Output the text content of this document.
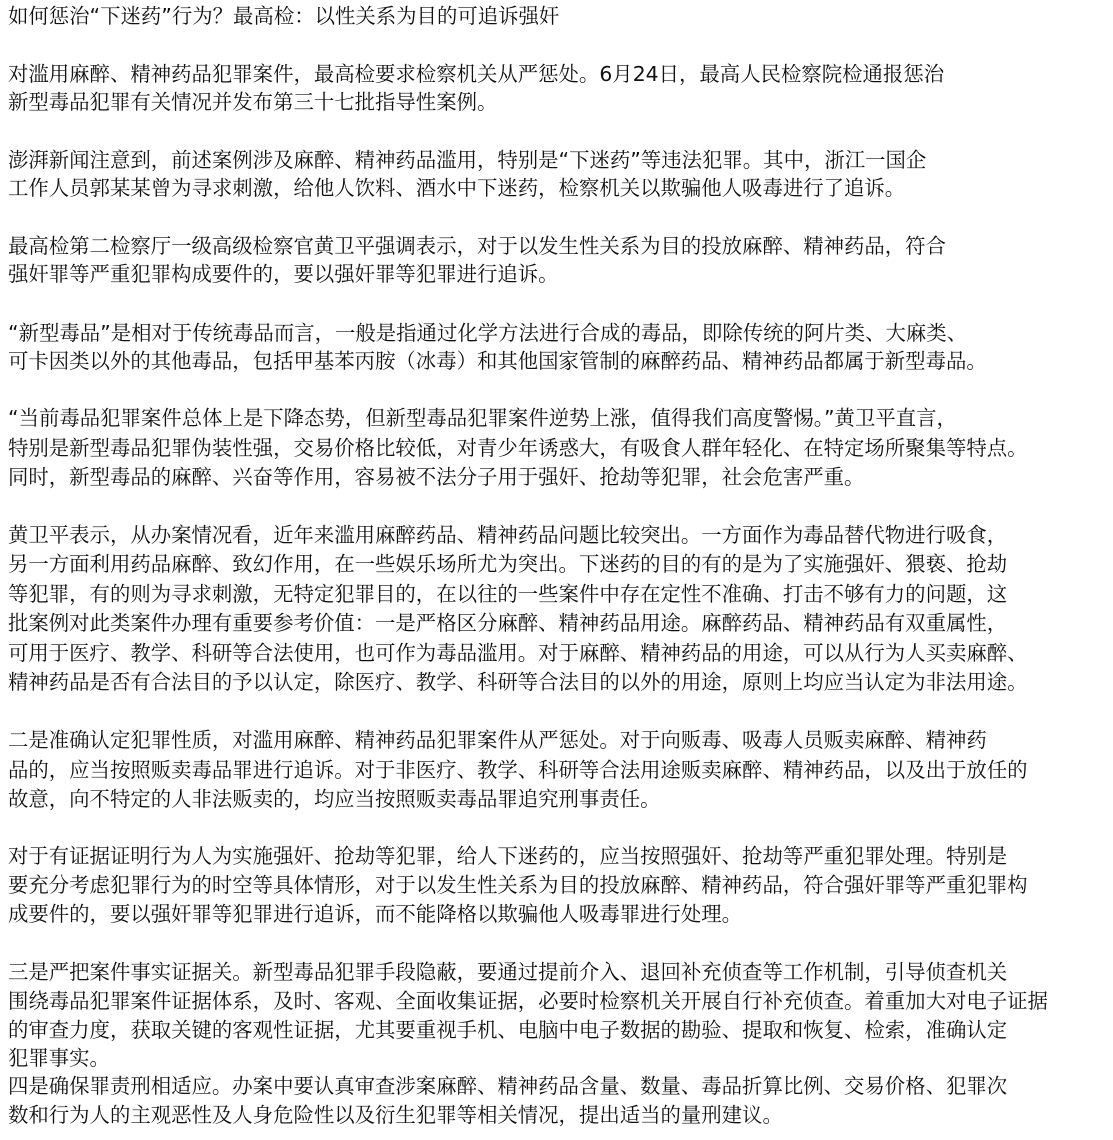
如何惩治“下迷药”行为？最高检：以性关系为目的可追诉强奸
对滥用麻醉、精神药品犯罪案件，最高检要求检察机关从严惩处。6月24日，最高人民检察院检通报惩治
新型毒品犯罪有关情况并发布第三十七批指导性案例。
澎湃新闻注意到，前述案例涉及麻醉、精神药品滥用，特别是“下迷药”等违法犯罪。其中，浙江一国企
工作人员郭某某曾为寻求刺激，给他人饮料、酒水中下迷药，检察机关以欺骗他人吸毒进行了追诉。
最高检第二检察厅一级高级检察官黄卫平强调表示，对于以发生性关系为目的投放麻醉、精神药品，符合
强奸罪等严重犯罪构成要件的，要以强奸罪等犯罪进行追诉。
“新型毒品”是相对于传统毒品而言，一般是指通过化学方法进行合成的毒品，即除传统的阿片类、大麻类、
可卡因类以外的其他毒品，包括甲基苯丙胺（冰毒）和其他国家管制的麻醉药品、精神药品都属于新型毒品。
“当前毒品犯罪案件总体上是下降态势，但新型毒品犯罪案件逆势上涨，值得我们高度警惕。”黄卫平直言，
特别是新型毒品犯罪伪装性强，交易价格比较低，对青少年诱惑大，有吸食人群年轻化、在特定场所聚集等特点。
同时，新型毒品的麻醉、兴奋等作用，容易被不法分子用于强奸、抢劫等犯罪，社会危害严重。
黄卫平表示，从办案情况看，近年来滥用麻醉药品、精神药品问题比较突出。一方面作为毒品替代物进行吸食，
另一方面利用药品麻醉、致幻作用，在一些娱乐场所尤为突出。下迷药的目的有的是为了实施强奸、猥亵、抢劫
等犯罪，有的则为寻求刺激，无特定犯罪目的，在以往的一些案件中存在定性不准确、打击不够有力的问题，这
批案例对此类案件办理有重要参考价值：一是严格区分麻醉、精神药品用途。麻醉药品、精神药品有双重属性，
可用于医疗、教学、科研等合法使用，也可作为毒品滥用。对于麻醉、精神药品的用途，可以从行为人买卖麻醉、
精神药品是否有合法目的予以认定，除医疗、教学、科研等合法目的以外的用途，原则上均应当认定为非法用途。
二是准确认定犯罪性质，对滥用麻醉、精神药品犯罪案件从严惩处。对于向贩毒、吸毒人员贩卖麻醉、精神药
品的，应当按照贩卖毒品罪进行追诉。对于非医疗、教学、科研等合法用途贩卖麻醉、精神药品，以及出于放任的
故意，向不特定的人非法贩卖的，均应当按照贩卖毒品罪追究刑事责任。
对于有证据证明行为人为实施强奸、抢劫等犯罪，给人下迷药的，应当按照强奸、抢劫等严重犯罪处理。特别是
要充分考虑犯罪行为的时空等具体情形，对于以发生性关系为目的投放麻醉、精神药品，符合强奸罪等严重犯罪构
成要件的，要以强奸罪等犯罪进行追诉，而不能降格以欺骗他人吸毒罪进行处理。
三是严把案件事实证据关。新型毒品犯罪手段隐蔽，要通过提前介入、退回补充侦查等工作机制，引导侦查机关
围绕毒品犯罪案件证据体系，及时、客观、全面收集证据，必要时检察机关开展自行补充侦查。着重加大对电子证据
的审查力度，获取关键的客观性证据，尤其要重视手机、电脑中电子数据的勘验、提取和恢复、检索，准确认定
犯罪事实。
四是确保罪责刑相适应。办案中要认真审查涉案麻醉、精神药品含量、数量、毒品折算比例、交易价格、犯罪次
数和行为人的主观恶性及人身危险性以及衍生犯罪等相关情况，提出适当的量刑建议。
